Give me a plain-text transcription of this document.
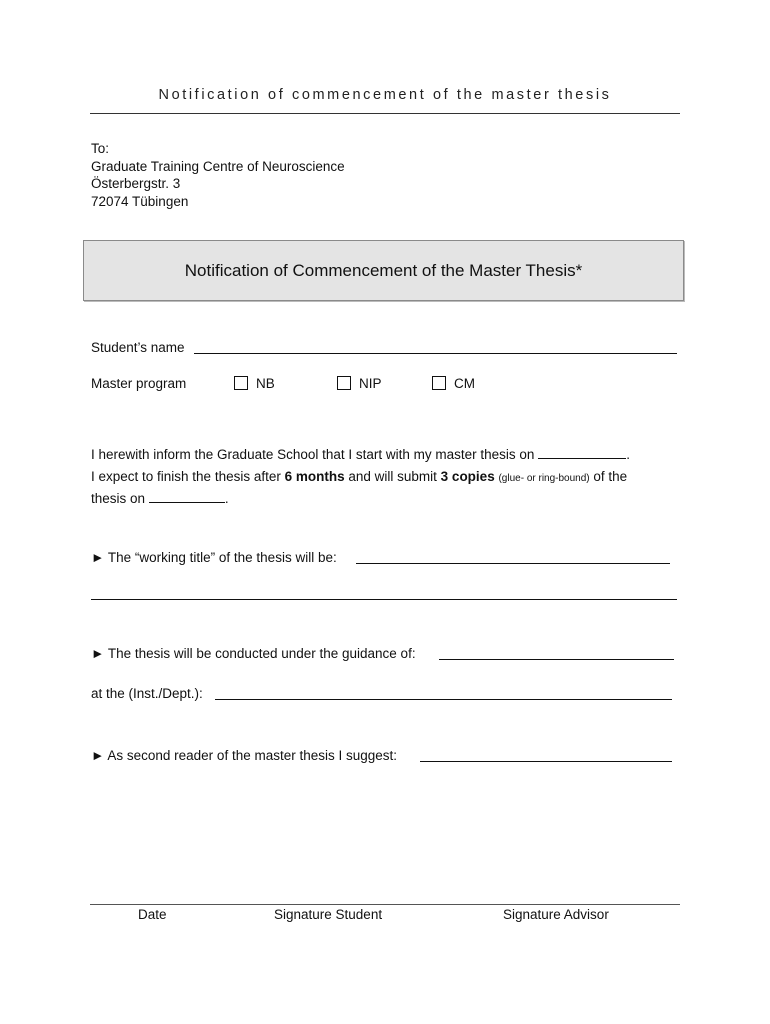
Notification of commencement of the master thesis
To:
Graduate Training Centre of Neuroscience
Österbergstr. 3
72074 Tübingen
Notification of Commencement of the Master Thesis*
Student’s name
Master program	NB	NIP	CM
I herewith inform the Graduate School that I start with my master thesis on	.
I expect to finish the thesis after 6 months and will submit 3 copies (glue- or ring-bound) of the
thesis on	.
► The “working title” of the thesis will be:
► The thesis will be conducted under the guidance of:
at the (Inst./Dept.):
► As second reader of the master thesis I suggest:
Date	Signature Student	Signature Advisor
